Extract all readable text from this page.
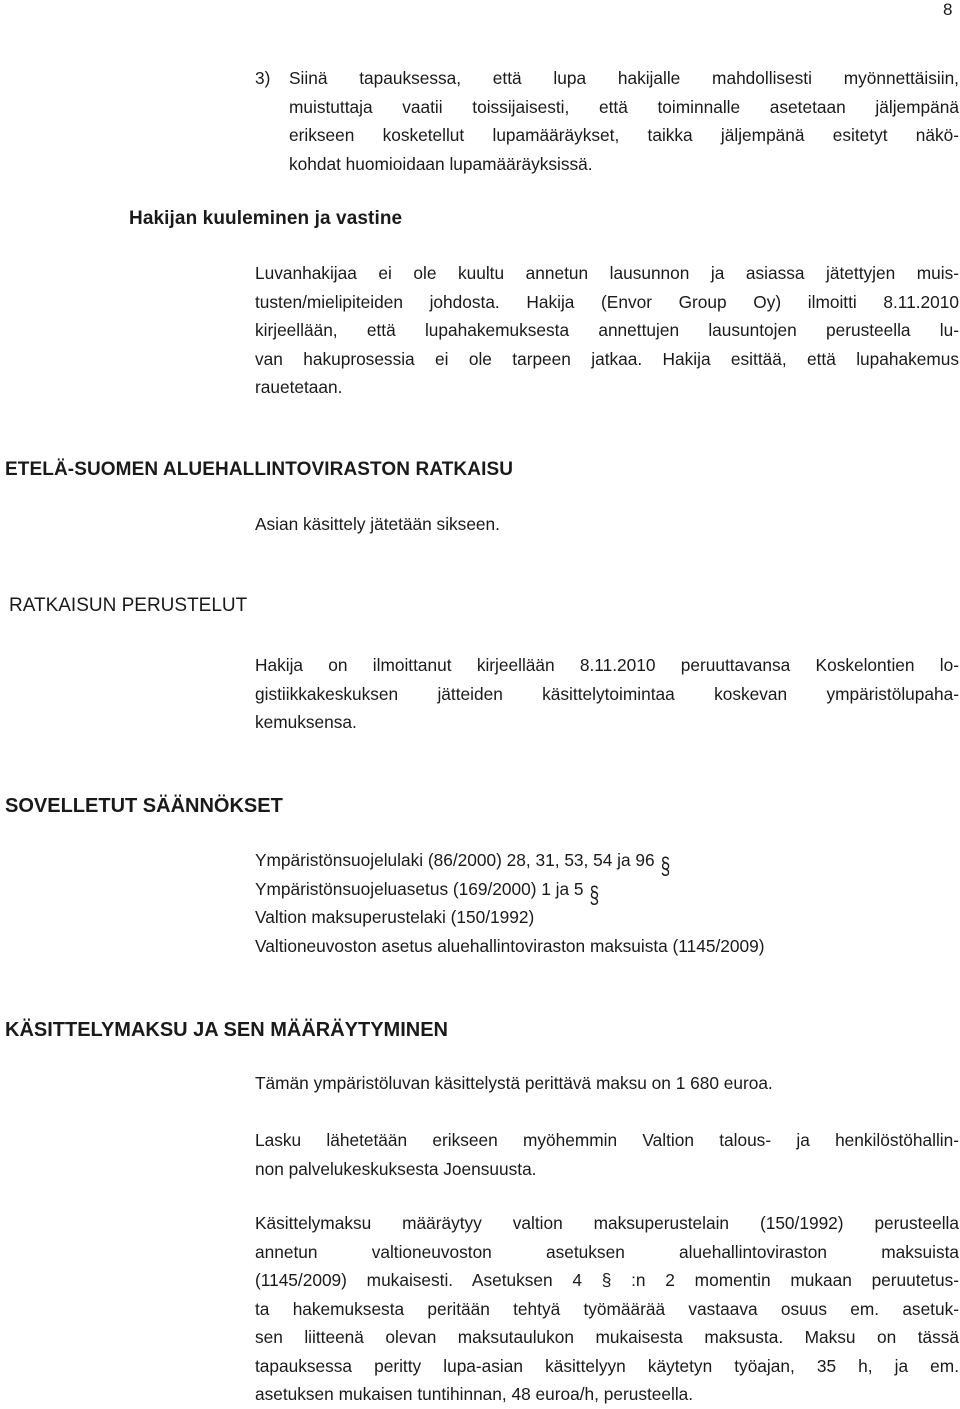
8
3)	Siinä tapauksessa, että lupa hakijalle mahdollisesti myönnettäisiin,
muistuttaja vaatii toissijaisesti, että toiminnalle asetetaan jäljempänä
erikseen kosketellut lupamääräykset, taikka jäljempänä esitetyt näkö-
kohdat huomioidaan lupamääräyksissä.

Hakijan kuuleminen ja vastine

Luvanhakijaa ei ole kuultu annetun lausunnon ja asiassa jätettyjen muis-
tusten/mielipiteiden johdosta. Hakija (Envor Group Oy) ilmoitti 8.11.2010
kirjeellään, että lupahakemuksesta annettujen lausuntojen perusteella lu-
van hakuprosessia ei ole tarpeen jatkaa. Hakija esittää, että lupahakemus
rauetetaan.

ETELÄ-SUOMEN ALUEHALLINTOVIRASTON RATKAISU

Asian käsittely jätetään sikseen.

RATKAISUN PERUSTELUT

Hakija on ilmoittanut kirjeellään 8.11.2010 peruuttavansa Koskelontien lo-
gistiikkakeskuksen jätteiden käsittelytoimintaa koskevan ympäristölupaha-
kemuksensa.

SOVELLETUT SÄÄNNÖKSET
Ympäristönsuojelulaki (86/2000) 28, 31, 53, 54 ja 96 §
Ympäristönsuojeluasetus (169/2000) 1 ja 5 §
Valtion maksuperustelaki (150/1992)
Valtioneuvoston asetus aluehallintoviraston maksuista (1145/2009)
KÄSITTELYMAKSU JA SEN MÄÄRÄYTYMINEN

Tämän ympäristöluvan käsittelystä perittävä maksu on 1 680 euroa.

Lasku lähetetään erikseen myöhemmin Valtion talous- ja henkilöstöhallin-
non palvelukeskuksesta Joensuusta.

Käsittelymaksu määräytyy valtion maksuperustelain (150/1992) perusteella
annetun valtioneuvoston asetuksen aluehallintoviraston maksuista
(1145/2009) mukaisesti. Asetuksen 4 § :n 2 momentin mukaan peruutetus-
ta hakemuksesta peritään tehtyä työmäärää vastaava osuus em. asetuk-
sen liitteenä olevan maksutaulukon mukaisesta maksusta. Maksu on tässä
tapauksessa peritty lupa-asian käsittelyyn käytetyn työajan, 35 h, ja em.
asetuksen mukaisen tuntihinnan, 48 euroa/h, perusteella.
